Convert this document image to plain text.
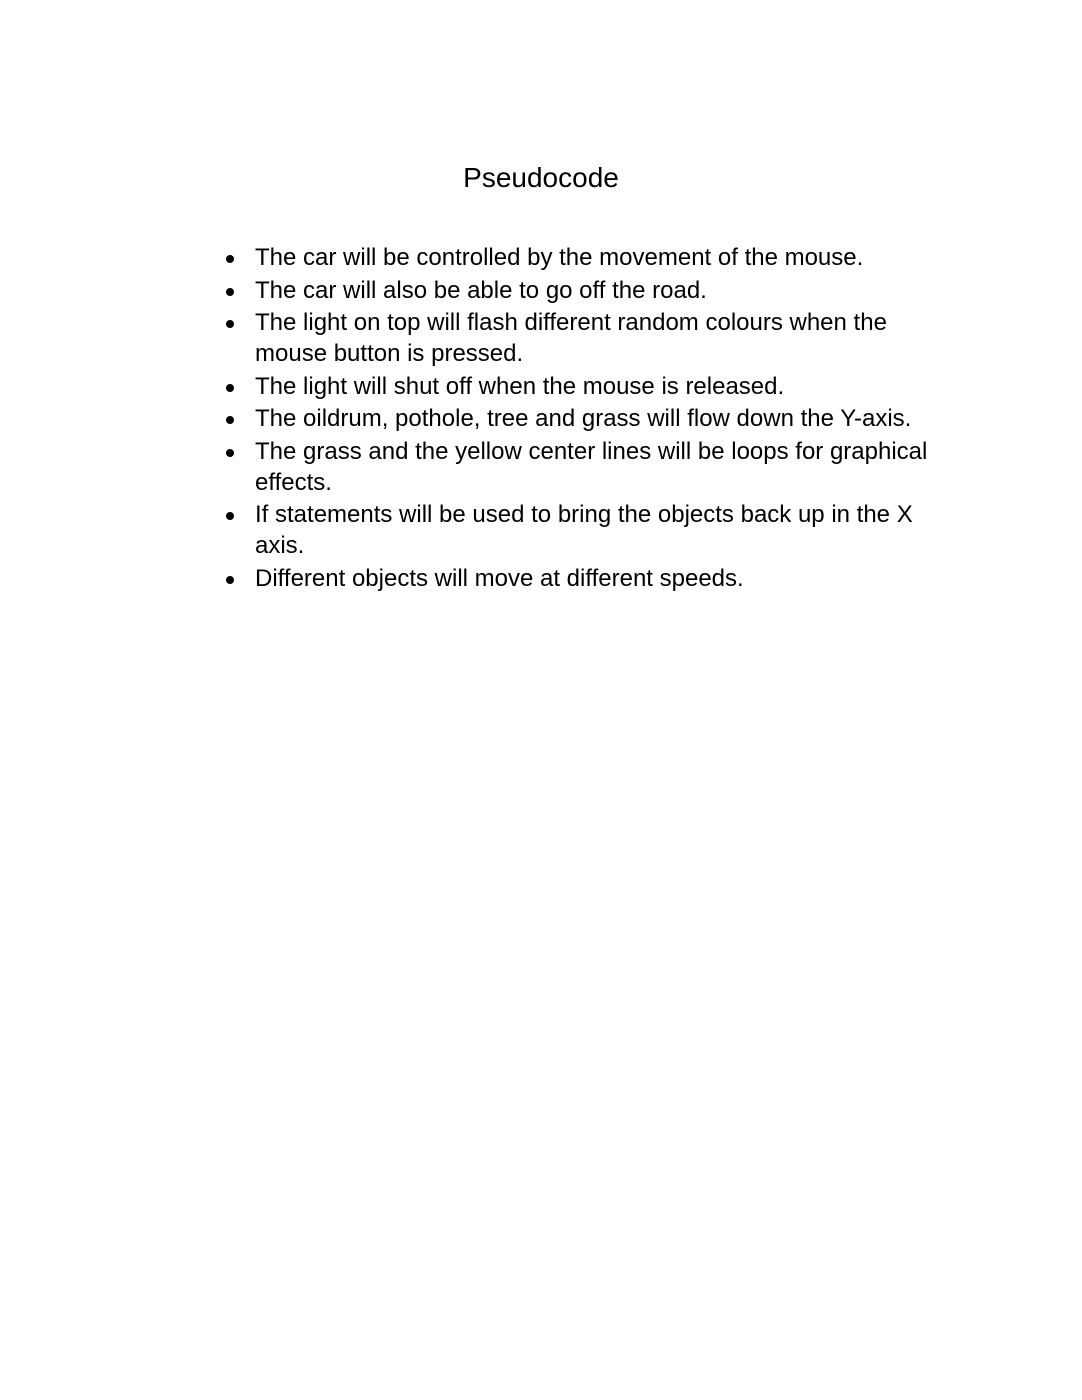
Pseudocode
The car will be controlled by the movement of the mouse.
The car will also be able to go off the road.
The light on top will flash different random colours when the mouse button is pressed.
The light will shut off when the mouse is released.
The oildrum, pothole, tree and grass will flow down the Y-axis.
The grass and the yellow center lines will be loops for graphical effects.
If statements will be used to bring the objects back up in the X axis.
Different objects will move at different speeds.
